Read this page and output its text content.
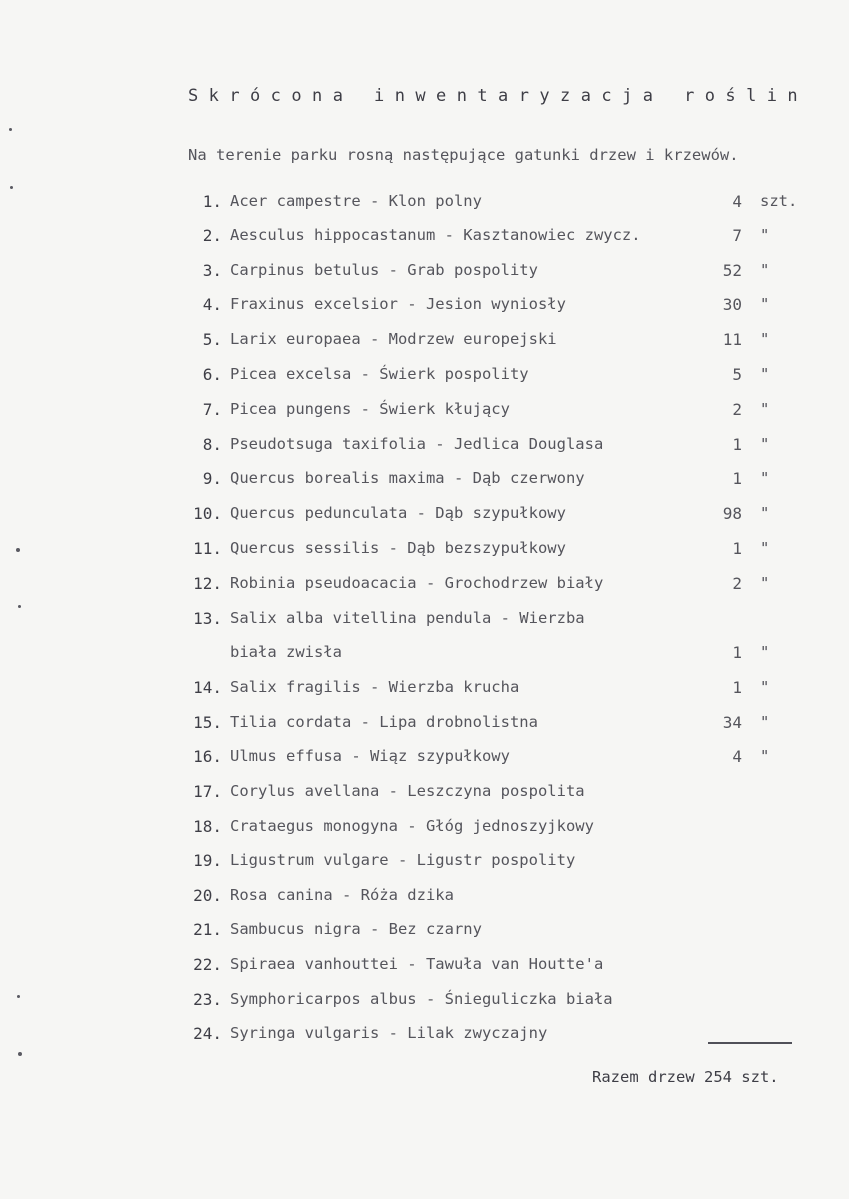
S k r ó c o n a   i n w e n t a r y z a c j a   r o ś l i n
Na terenie parku rosną następujące gatunki drzew i krzewów.
1. Acer campestre - Klon polny	4 szt.
2. Aesculus hippocastanum - Kasztanowiec zwycz.	7 "
3. Carpinus betulus - Grab pospolity	52 "
4. Fraxinus excelsior - Jesion wyniosły	30 "
5. Larix europaea - Modrzew europejski	11 "
6. Picea excelsa - Świerk pospolity	5 "
7. Picea pungens - Świerk kłujący	2 "
8. Pseudotsuga taxifolia - Jedlica Douglasa	1 "
9. Quercus borealis maxima - Dąb czerwony	1 "
10. Quercus pedunculata - Dąb szypułkowy	98 "
11. Quercus sessilis - Dąb bezszypułkowy	1 "
12. Robinia pseudoacacia - Grochodrzew biały	2 "
13. Salix alba vitellina pendula - Wierzba
biała zwisła	1 "
14. Salix fragilis - Wierzba krucha	1 "
15. Tilia cordata - Lipa drobnolistna	34 "
16. Ulmus effusa - Wiąz szypułkowy	4 "
17. Corylus avellana - Leszczyna pospolita
18. Crataegus monogyna - Głóg jednoszyjkowy
19. Ligustrum vulgare - Ligustr pospolity
20. Rosa canina - Róża dzika
21. Sambucus nigra - Bez czarny
22. Spiraea vanhouttei - Tawuła van Houtte'a
23. Symphoricarpos albus - Śnieguliczka biała
24. Syringa vulgaris - Lilak zwyczajny
Razem drzew 254 szt.
